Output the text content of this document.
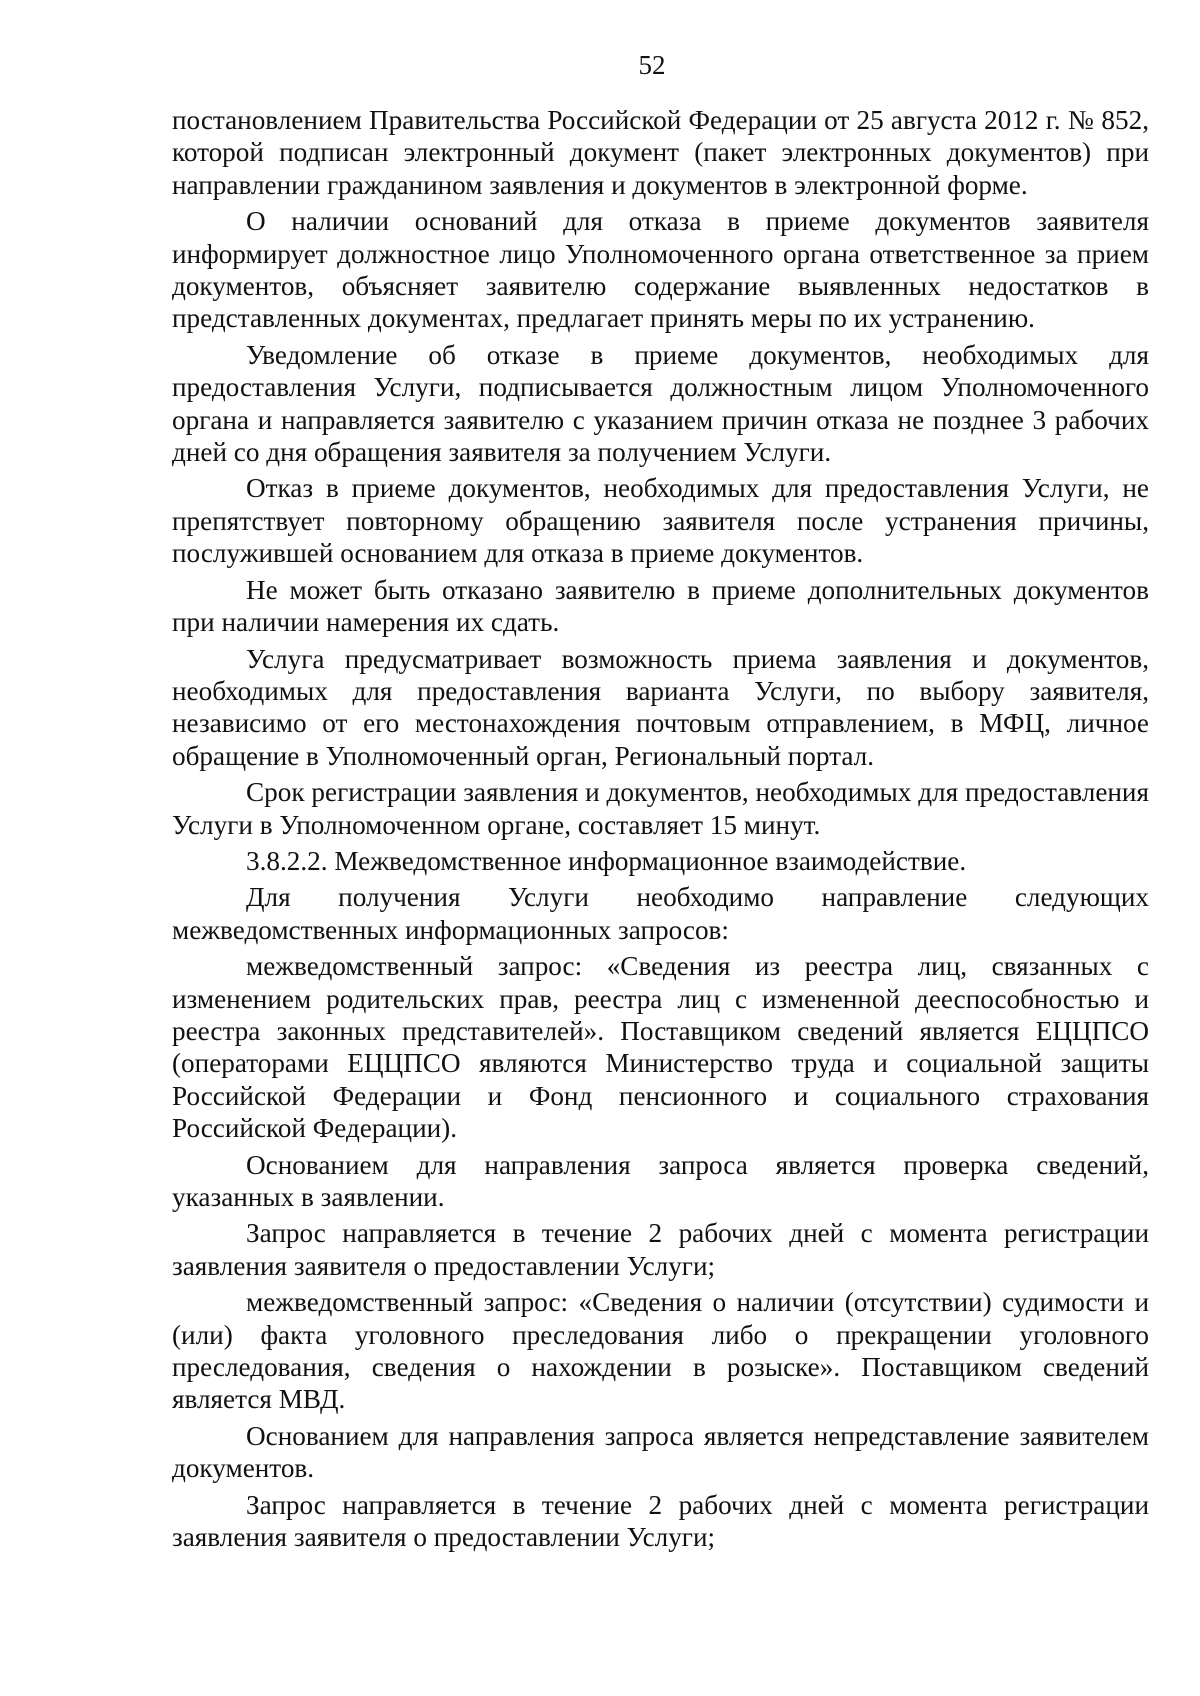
52

постановлением Правительства Российской Федерации от 25 августа 2012 г. № 852, которой подписан электронный документ (пакет электронных документов) при направлении гражданином заявления и документов в электронной форме.

О наличии оснований для отказа в приеме документов заявителя информирует должностное лицо Уполномоченного органа ответственное за прием документов, объясняет заявителю содержание выявленных недостатков в представленных документах, предлагает принять меры по их устранению.

Уведомление об отказе в приеме документов, необходимых для предоставления Услуги, подписывается должностным лицом Уполномоченного органа и направляется заявителю с указанием причин отказа не позднее 3 рабочих дней со дня обращения заявителя за получением Услуги.

Отказ в приеме документов, необходимых для предоставления Услуги, не препятствует повторному обращению заявителя после устранения причины, послужившей основанием для отказа в приеме документов.

Не может быть отказано заявителю в приеме дополнительных документов при наличии намерения их сдать.

Услуга предусматривает возможность приема заявления и документов, необходимых для предоставления варианта Услуги, по выбору заявителя, независимо от его местонахождения почтовым отправлением, в МФЦ, личное обращение в Уполномоченный орган, Региональный портал.

Срок регистрации заявления и документов, необходимых для предоставления Услуги в Уполномоченном органе, составляет 15 минут.

3.8.2.2. Межведомственное информационное взаимодействие.

Для получения Услуги необходимо направление следующих межведомственных информационных запросов:

межведомственный запрос: «Сведения из реестра лиц, связанных с изменением родительских прав, реестра лиц с измененной дееспособностью и реестра законных представителей». Поставщиком сведений является ЕЦЦПСО (операторами ЕЦЦПСО являются Министерство труда и социальной защиты Российской Федерации и Фонд пенсионного и социального страхования Российской Федерации).

Основанием для направления запроса является проверка сведений, указанных в заявлении.

Запрос направляется в течение 2 рабочих дней с момента регистрации заявления заявителя о предоставлении Услуги;

межведомственный запрос: «Сведения о наличии (отсутствии) судимости и (или) факта уголовного преследования либо о прекращении уголовного преследования, сведения о нахождении в розыске». Поставщиком сведений является МВД.

Основанием для направления запроса является непредставление заявителем документов.

Запрос направляется в течение 2 рабочих дней с момента регистрации заявления заявителя о предоставлении Услуги;
